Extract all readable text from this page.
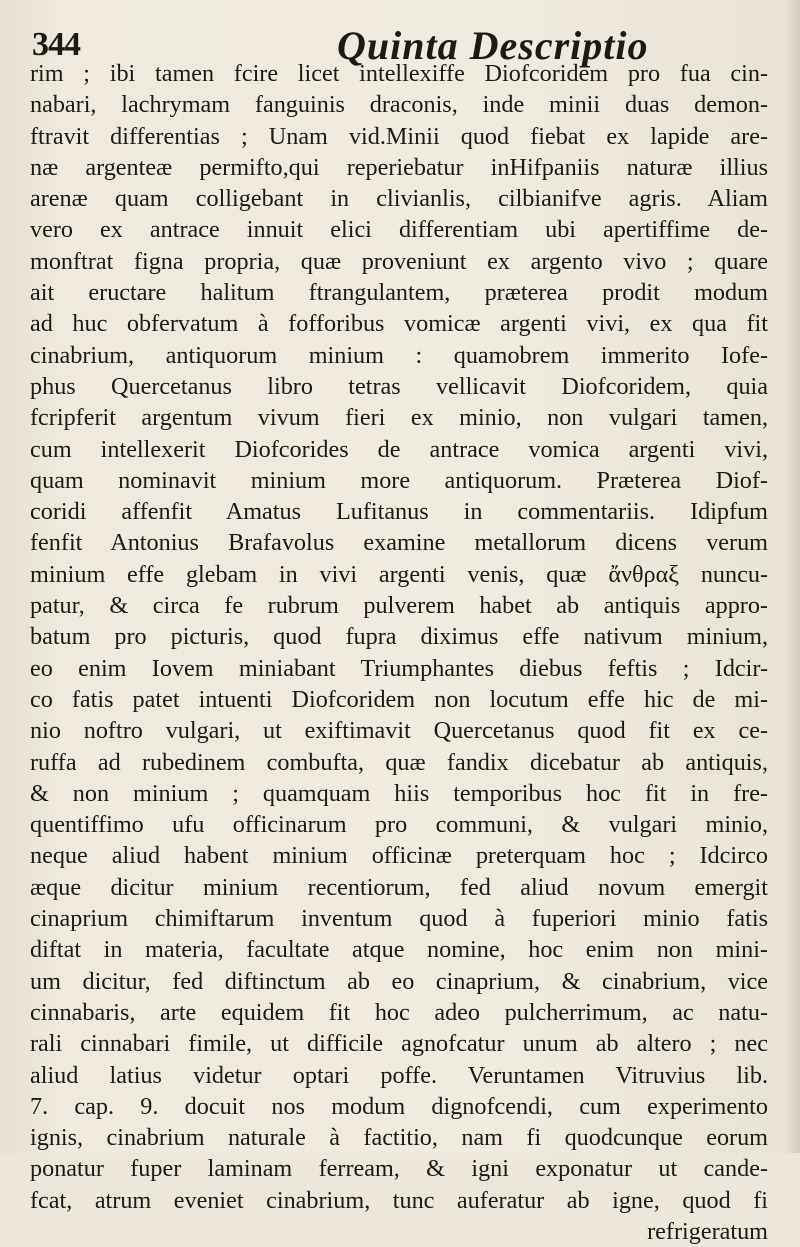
344	Quinta Descriptio
rim ; ibi tamen fcire licet intellexiffe Diofcoridem pro fua cin-
nabari, lachrymam fanguinis draconis, inde minii duas demon-
ftravit differentias ; Unam vid.Minii quod fiebat ex lapide are-
næ argenteæ permifto,qui reperiebatur inHifpaniis naturæ illius
arenæ quam colligebant in clivianlis, cilbianifve agris. Aliam
vero ex antrace innuit elici differentiam ubi apertiffime de-
monftrat figna propria, quæ proveniunt ex argento vivo ; quare
ait eructare halitum ftrangulantem, præterea prodit modum
ad huc obfervatum à fofforibus vomicæ argenti vivi, ex qua fit
cinabrium, antiquorum minium : quamobrem immerito Iofe-
phus Quercetanus libro tetras vellicavit Diofcoridem, quia
fcripferit argentum vivum fieri ex minio, non vulgari tamen,
cum intellexerit Diofcorides de antrace vomica argenti vivi,
quam nominavit minium more antiquorum. Præterea Diof-
coridi affenfit Amatus Lufitanus in commentariis. Idipfum
fenfit Antonius Brafavolus examine metallorum dicens verum
minium effe glebam in vivi argenti venis, quæ ἄνθραξ nuncu-
patur, & circa fe rubrum pulverem habet ab antiquis appro-
batum pro picturis, quod fupra diximus effe nativum minium,
eo enim Iovem miniabant Triumphantes diebus feftis ; Idcir-
co fatis patet intuenti Diofcoridem non locutum effe hic de mi-
nio noftro vulgari, ut exiftimavit Quercetanus quod fit ex ce-
ruffa ad rubedinem combufta, quæ fandix dicebatur ab antiquis,
& non minium ; quamquam hiis temporibus hoc fit in fre-
quentiffimo ufu officinarum pro communi, & vulgari minio,
neque aliud habent minium officinæ preterquam hoc ; Idcirco
æque dicitur minium recentiorum, fed aliud novum emergit
cinaprium chimiftarum inventum quod à fuperiori minio fatis
diftat in materia, facultate atque nomine, hoc enim non mini-
um dicitur, fed diftinctum ab eo cinaprium, & cinabrium, vice
cinnabaris, arte equidem fit hoc adeo pulcherrimum, ac natu-
rali cinnabari fimile, ut difficile agnofcatur unum ab altero ; nec
aliud latius videtur optari poffe. Veruntamen Vitruvius lib.
7. cap. 9. docuit nos modum dignofcendi, cum experimento
ignis, cinabrium naturale à factitio, nam fi quodcunque eorum
ponatur fuper laminam ferream, & igni exponatur ut cande-
fcat, atrum eveniet cinabrium, tunc auferatur ab igne, quod fi
refrigeratum
